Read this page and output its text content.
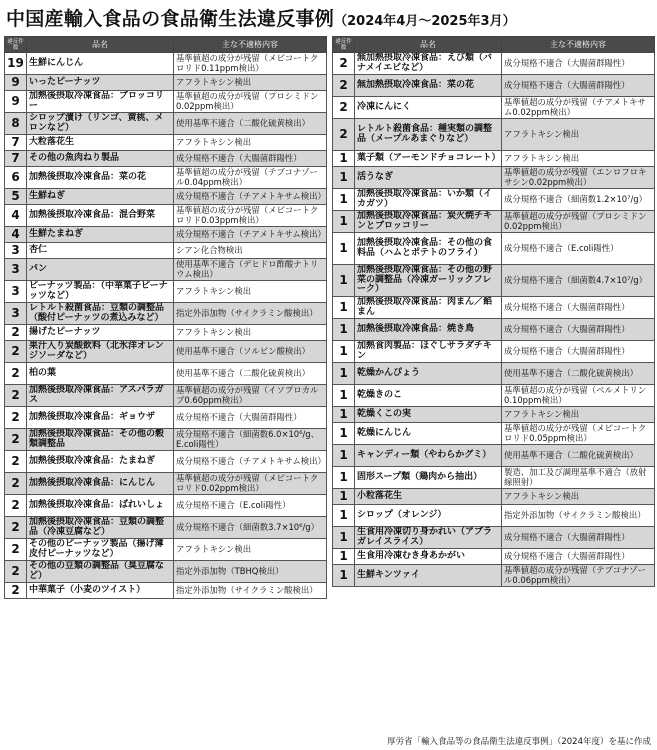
中国産輸入食品の食品衛生法違反事例（2024年4月～2025年3月）
違反件数	品名	主な不適格内容
19	生鮮にんじん	基準値超の成分が残留（メピコートクロリド0.11ppm検出）
9	いったピーナッツ	アフラトキシン検出
9	加熱後摂取冷凍食品：ブロッコリー	基準値超の成分が残留（プロシミドン0.02ppm検出）
8	シロップ漬け（リンゴ、黄桃、メロンなど）	使用基準不適合（二酸化硫黄検出）
7	大粒落花生	アフラトキシン検出
7	その他の魚肉ねり製品	成分規格不適合（大腸菌群陽性）
6	加熱後摂取冷凍食品：菜の花	基準値超の成分が残留（テブコナゾール0.04ppm検出）
5	生鮮ねぎ	成分規格不適合（チアメトキサム検出）
4	加熱後摂取冷凍食品：混合野菜	基準値超の成分が残留（メピコートクロリド0.03ppm検出）
4	生鮮たまねぎ	成分規格不適合（チアメトキサム検出）
3	杏仁	シアン化合物検出
3	パン	使用基準不適合（デヒドロ酢酸ナトリウム検出）
3	ピーナッツ製品：（中華菓子ピーナッツなど）	アフラトキシン検出
3	レトルト殺菌食品：豆類の調整品（酸付ピーナッツの煮込みなど）	指定外添加物（サイクラミン酸検出）
2	揚げたピーナッツ	アフラトキシン検出
2	果汁入り炭酸飲料（北氷洋オレンジソーダなど）	使用基準不適合（ソルビン酸検出）
2	柏の葉	使用基準不適合（二酸化硫黄検出）
2	加熱後摂取冷凍食品：アスパラガス	基準値超の成分が残留（イソプロカルブ0.60ppm検出）
2	加熱後摂取冷凍食品：ギョウザ	成分規格不適合（大腸菌群陽性）
2	加熱後摂取冷凍食品：その他の穀類調整品	成分規格不適合（細菌数6.0×10⁶/g、E.coli陽性）
2	加熱後摂取冷凍食品：たまねぎ	成分規格不適合（チアメトキサム検出）
2	加熱後摂取冷凍食品：にんじん	基準値超の成分が残留（メピコートクロリド0.02ppm検出）
2	加熱後摂取冷凍食品：ばれいしょ	成分規格不適合（E.coli陽性）
2	加熱後摂取冷凍食品：豆類の調整品（冷凍豆腐など）	成分規格不適合（細菌数3.7×10⁶/g）
2	その他のピーナッツ製品（揚げ薄皮付ピーナッツなど）	アフラトキシン検出
2	その他の豆類の調整品（臭豆腐など）	指定外添加物（TBHQ検出）
2	中華菓子（小麦のツイスト）	指定外添加物（サイクラミン酸検出）
違反件数	品名	主な不適格内容
2	無加熱摂取冷凍食品：えび類（バナメイエビなど）	成分規格不適合（大腸菌群陽性）
2	無加熱摂取冷凍食品：菜の花	成分規格不適合（大腸菌群陽性）
2	冷凍にんにく	基準値超の成分が残留（チアメトキサム0.02ppm検出）
2	レトルト殺菌食品：種実類の調整品（メープルあまぐりなど）	アフラトキシン検出
1	菓子類（アーモンドチョコレート）	アフラトキシン検出
1	活うなぎ	基準値超の成分が残留（エンロフロキサシン0.02ppm検出）
1	加熱後摂取冷凍食品：いか類（イカガツ）	成分規格不適合（細菌数1.2×10⁷/g）
1	加熱後摂取冷凍食品：炭火焼チキンとブロッコリー	基準値超の成分が残留（プロシミドン0.02ppm検出）
1	加熱後摂取冷凍食品：その他の食料品（ハムとポテトのフライ）	成分規格不適合（E.coli陽性）
1	加熱後摂取冷凍食品：その他の野菜の調整品（冷凍ガーリックフレーク）	成分規格不適合（細菌数4.7×10⁷/g）
1	加熱後摂取冷凍食品：肉まん／餡まん	成分規格不適合（大腸菌群陽性）
1	加熱後摂取冷凍食品：焼き鳥	成分規格不適合（大腸菌群陽性）
1	加熱食肉製品：ほぐしサラダチキン	成分規格不適合（大腸菌群陽性）
1	乾燥かんぴょう	使用基準不適合（二酸化硫黄検出）
1	乾燥きのこ	基準値超の成分が残留（ベルメトリン0.10ppm検出）
1	乾燥くこの実	アフラトキシン検出
1	乾燥にんじん	基準値超の成分が残留（メピコートクロリド0.05ppm検出）
1	キャンディー類（やわらかグミ）	使用基準不適合（二酸化硫黄検出）
1	固形スープ類（鶏肉から抽出）	製造、加工及び調理基準不適合（放射線照射）
1	小粒落花生	アフラトキシン検出
1	シロップ（オレンジ）	指定外添加物（サイクラミン酸検出）
1	生食用冷凍切り身かれい（アブラガレイスライス）	成分規格不適合（大腸菌群陽性）
1	生食用冷凍むき身あかがい	成分規格不適合（大腸菌群陽性）
1	生鮮キンツァイ	基準値超の成分が残留（テブコナゾール0.06ppm検出）
厚労省「輸入食品等の食品衛生法違反事例」（2024年度）を基に作成
